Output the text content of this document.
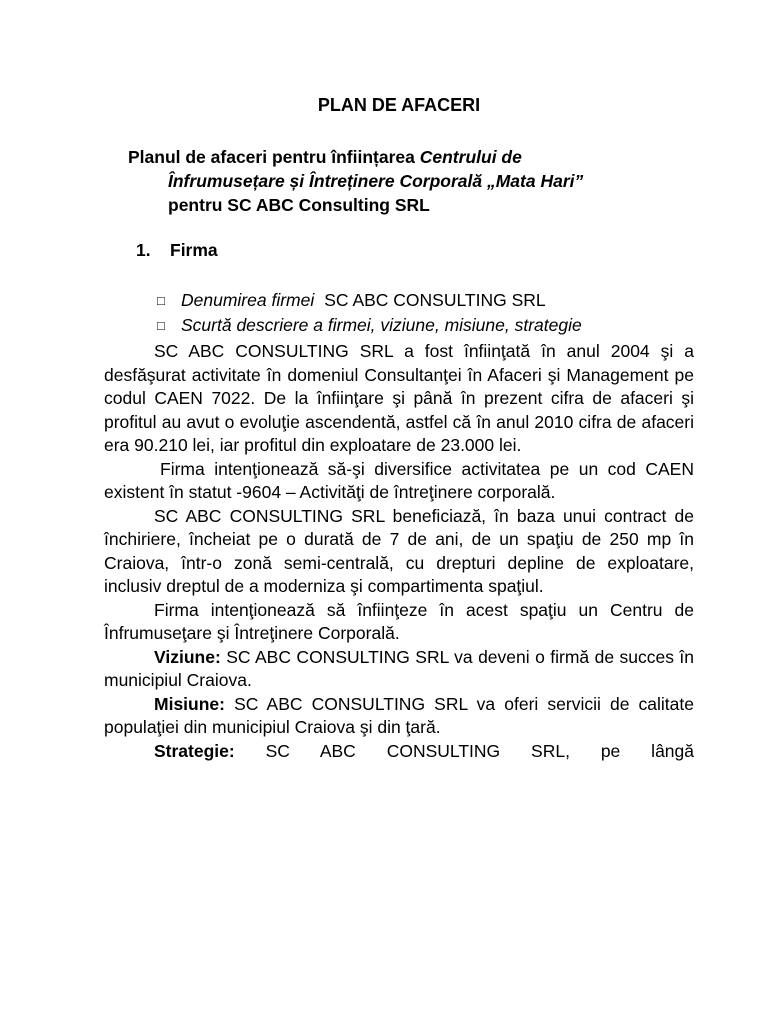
PLAN DE AFACERI
Planul de afaceri pentru înființarea Centrului de
Înfrumusețare și Întreținere Corporală „Mata Hari”
pentru SC ABC Consulting SRL
1. Firma
□ Denumirea firmei SC ABC CONSULTING SRL
□ Scurtă descriere a firmei, viziune, misiune, strategie

SC ABC CONSULTING SRL a fost înfiinţată în anul 2004 şi a desfăşurat activitate în domeniul Consultanţei în Afaceri şi Management pe codul CAEN 7022. De la înfiinţare şi până în prezent cifra de afaceri şi profitul au avut o evoluţie ascendentă, astfel că în anul 2010 cifra de afaceri era 90.210 lei, iar profitul din exploatare de 23.000 lei.

Firma intenţionează să-şi diversifice activitatea pe un cod CAEN existent în statut -9604 – Activităţi de întreţinere corporală.

SC ABC CONSULTING SRL beneficiază, în baza unui contract de închiriere, încheiat pe o durată de 7 de ani, de un spaţiu de 250 mp în Craiova, într-o zonă semi-centrală, cu drepturi depline de exploatare, inclusiv dreptul de a moderniza şi compartimenta spaţiul.

Firma intenţionează să înfiinţeze în acest spaţiu un Centru de Înfrumuseţare şi Întreţinere Corporală.

Viziune: SC ABC CONSULTING SRL va deveni o firmă de succes în municipiul Craiova.

Misiune: SC ABC CONSULTING SRL va oferi servicii de calitate populaţiei din municipiul Craiova şi din ţară.

Strategie: SC ABC CONSULTING SRL, pe lângă
